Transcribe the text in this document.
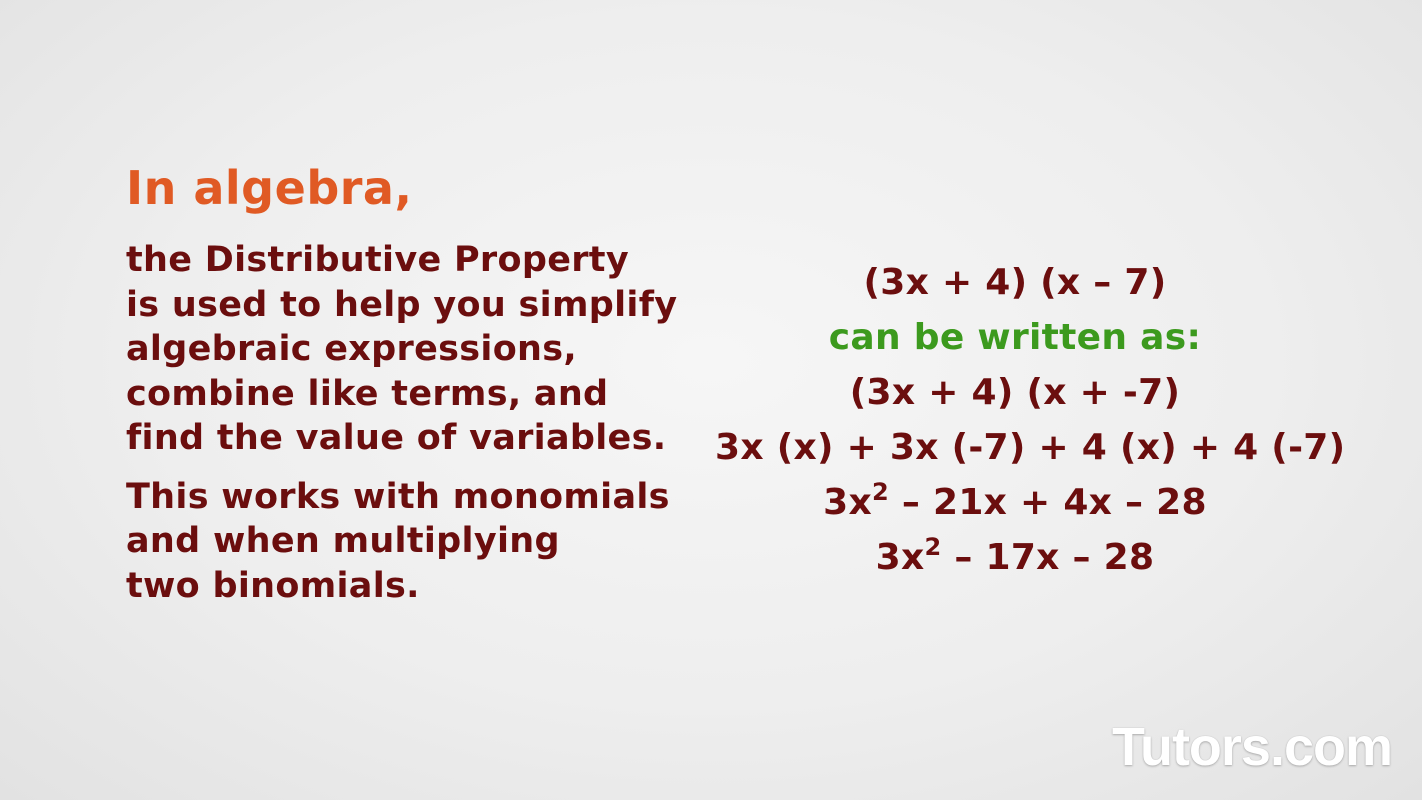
In algebra,

the Distributive Property
is used to help you simplify
algebraic expressions,
combine like terms, and
find the value of variables.

This works with monomials
and when multiplying
two binomials.

(3x + 4) (x – 7)
can be written as:
(3x + 4) (x + -7)
3x (x) + 3x (-7) + 4 (x) + 4 (-7)
$3x^2 - 21x + 4x - 28$
$3x^2 - 17x - 28$
Tutors.com
